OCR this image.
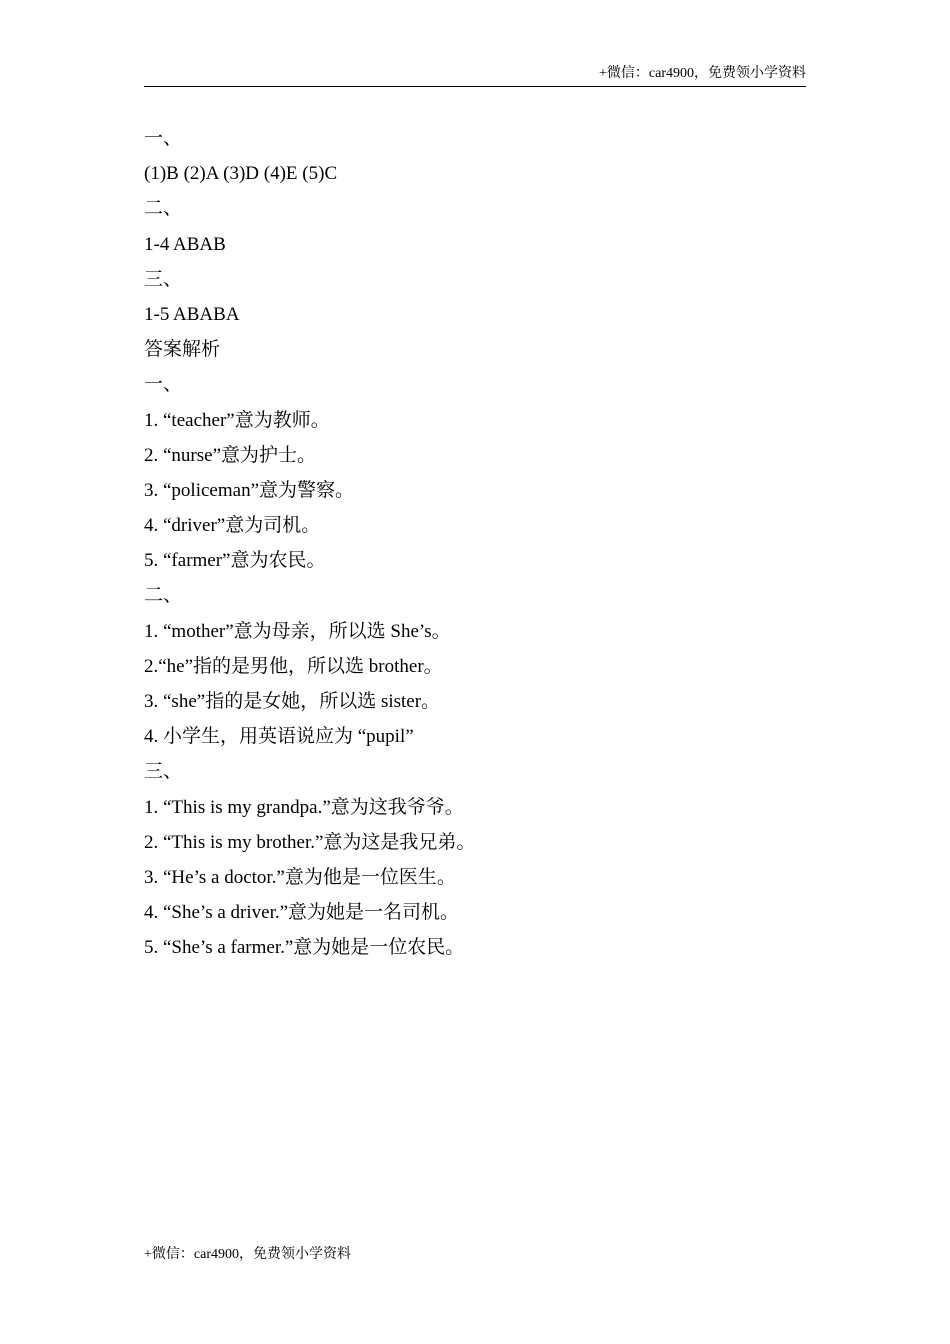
+微信：car4900，免费领小学资料
一、
(1)B (2)A (3)D (4)E (5)C
二、
1-4 ABAB
三、
1-5 ABABA
答案解析
一、
1. “teacher”意为教师。
2. “nurse”意为护士。
3. “policeman”意为警察。
4. “driver”意为司机。
5. “farmer”意为农民。
二、
1. “mother”意为母亲，所以选 She’s。
2.“he”指的是男他，所以选 brother。
3. “she”指的是女她，所以选 sister。
4. 小学生，用英语说应为 “pupil”
三、
1. “This is my grandpa.”意为这我爷爷。
2. “This is my brother.”意为这是我兄弟。
3. “He’s a doctor.”意为他是一位医生。
4. “She’s a driver.”意为她是一名司机。
5. “She’s a farmer.”意为她是一位农民。
+微信：car4900，免费领小学资料
